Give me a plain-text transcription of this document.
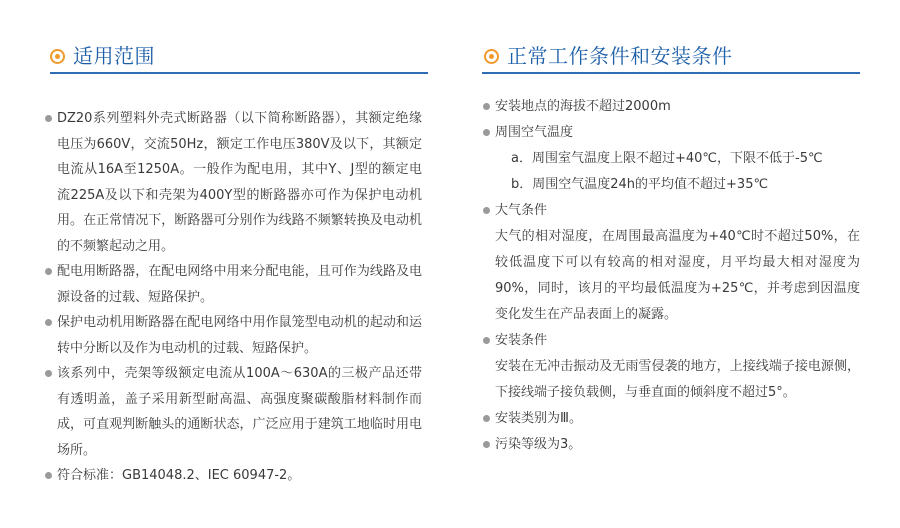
适用范围
DZ20系列塑料外壳式断路器（以下简称断路器），其额定绝缘电压为660V，交流50Hz，额定工作电压380V及以下，其额定电流从16A至1250A。一般作为配电用，其中Y、J型的额定电流225A及以下和壳架为400Y型的断路器亦可作为保护电动机用。在正常情况下，断路器可分别作为线路不频繁转换及电动机的不频繁起动之用。
配电用断路器，在配电网络中用来分配电能，且可作为线路及电源设备的过载、短路保护。
保护电动机用断路器在配电网络中用作鼠笼型电动机的起动和运转中分断以及作为电动机的过载、短路保护。
该系列中，壳架等级额定电流从100A～630A的三极产品还带有透明盖，盖子采用新型耐高温、高强度聚碳酸脂材料制作而成，可直观判断触头的通断状态，广泛应用于建筑工地临时用电场所。
符合标准：GB14048.2、IEC 60947-2。
正常工作条件和安装条件
安装地点的海拔不超过2000m
周围空气温度
a．周围室气温度上限不超过+40℃，下限不低于-5℃
b．周围空气温度24h的平均值不超过+35℃
大气条件
大气的相对湿度，在周围最高温度为+40℃时不超过50%，在较低温度下可以有较高的相对湿度，月平均最大相对湿度为90%，同时，该月的平均最低温度为+25℃，并考虑到因温度变化发生在产品表面上的凝露。
安装条件
安装在无冲击振动及无雨雪侵袭的地方，上接线端子接电源侧，下接线端子接负载侧，与垂直面的倾斜度不超过5°。
安装类别为Ⅲ。
污染等级为3。
